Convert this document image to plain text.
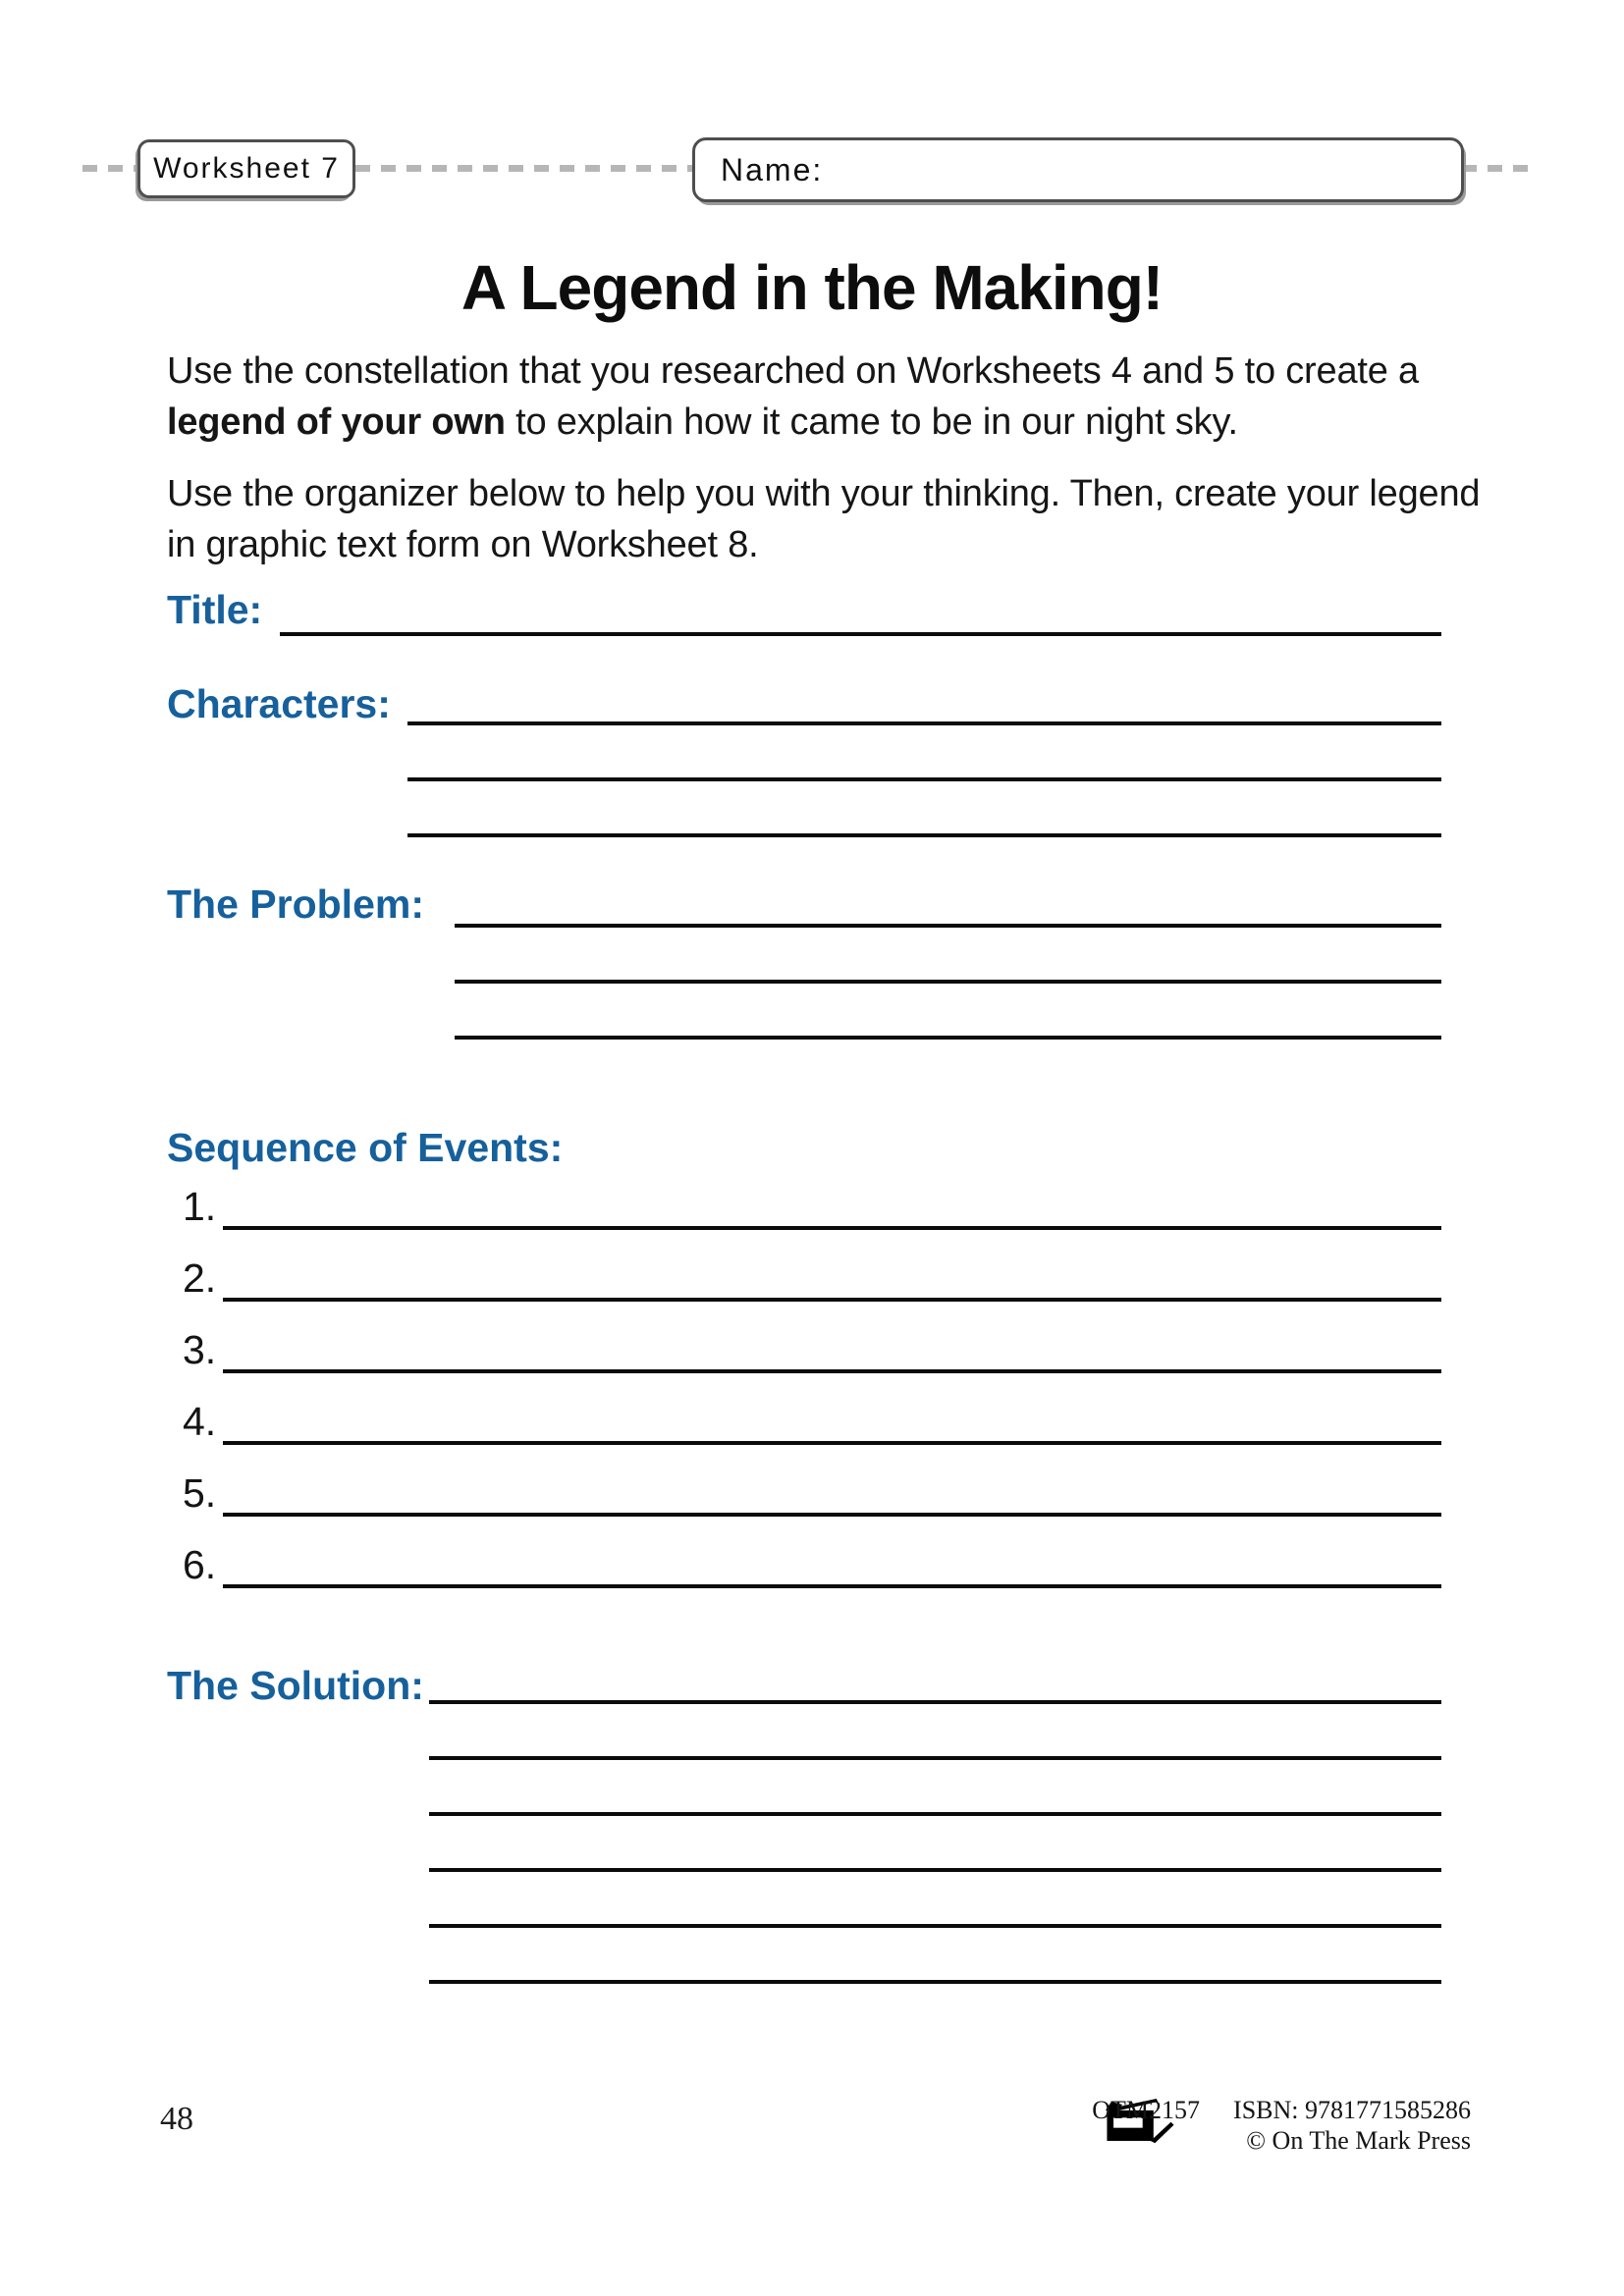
Worksheet 7	Name:
A Legend in the Making!

Use the constellation that you researched on Worksheets 4 and 5 to create a legend of your own to explain how it came to be in our night sky.

Use the organizer below to help you with your thinking. Then, create your legend in graphic text form on Worksheet 8.

Title:
Characters:
The Problem:
Sequence of Events:
1.
2.
3.
4.
5.
6.
The Solution:
48	OTM2157 ISBN: 9781771585286
© On The Mark Press
